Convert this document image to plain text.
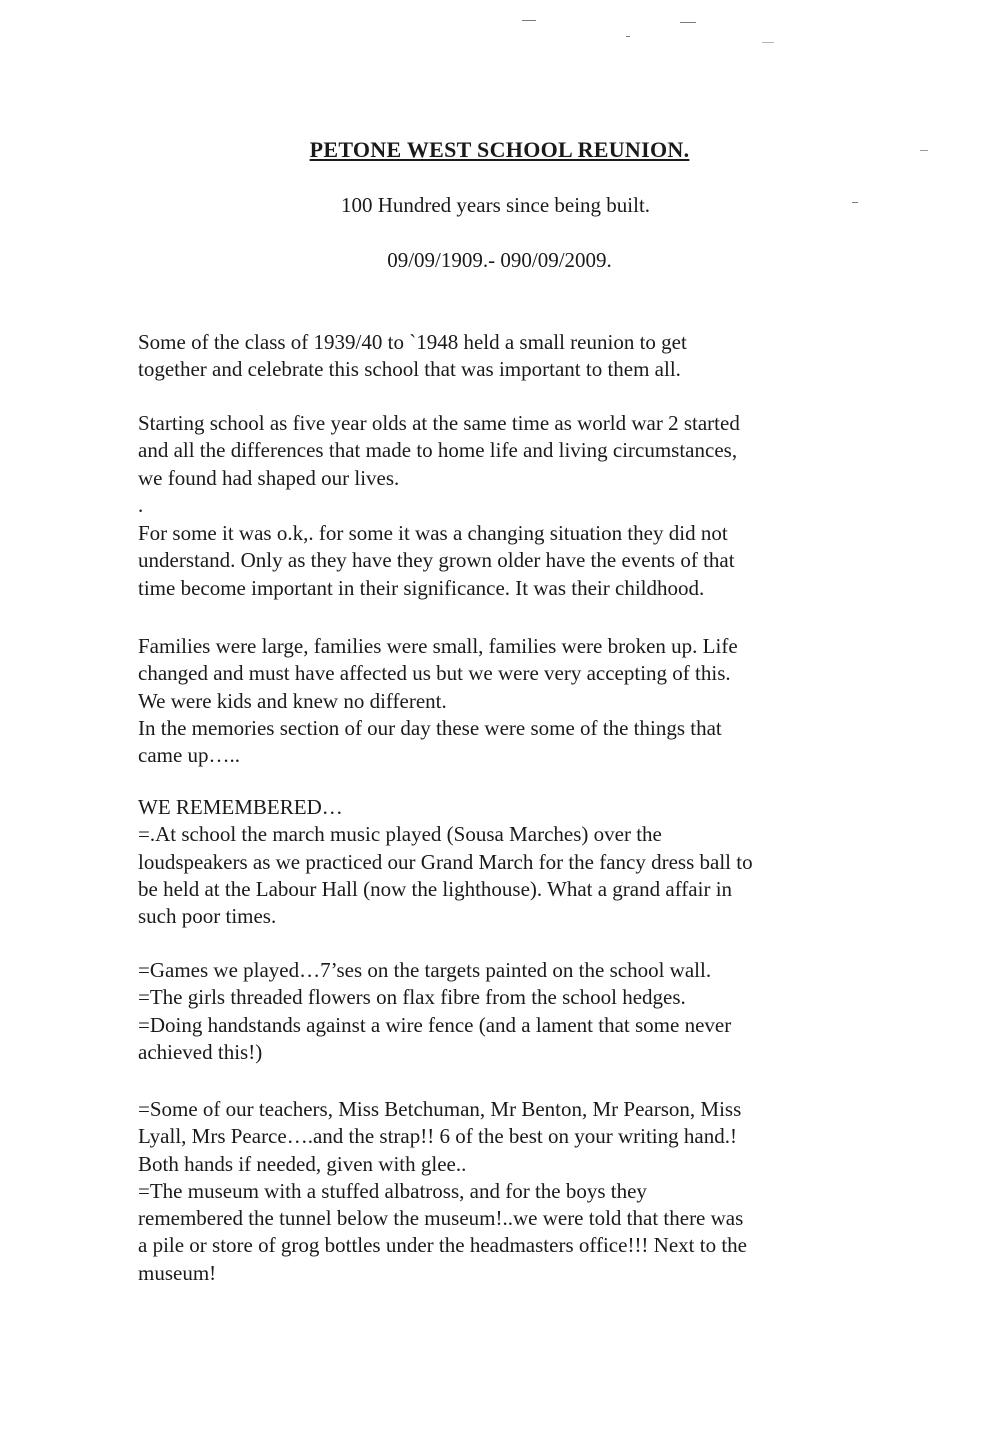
PETONE WEST SCHOOL REUNION.
100 Hundred years since being built.
09/09/1909.- 090/09/2009.
Some of the class of 1939/40 to `1948 held a small reunion to get
together and celebrate this school that was important to them all.
Starting school as five year olds at the same time as world war 2 started
and all the differences that made to home life and living circumstances,
we found had shaped our lives.
.
For some it was o.k,. for some it was a changing situation they did not
understand. Only as they have they grown older have the events of that
time become important in their significance. It was their childhood.
Families were large, families were small, families were broken up. Life
changed and must have affected us but we were very accepting of this.
We were kids and knew no different.
In the memories section of our day these were some of the things that
came up…..
WE REMEMBERED…
=.At school the march music played (Sousa Marches) over the
loudspeakers as we practiced our Grand March for the fancy dress ball to
be held at the Labour Hall (now the lighthouse). What a grand affair in
such poor times.
=Games we played…7’ses on the targets painted on the school wall.
=The girls threaded flowers on flax fibre from the school hedges.
=Doing handstands against a wire fence (and a lament that some never
achieved this!)
=Some of our teachers, Miss Betchuman, Mr Benton, Mr Pearson, Miss
Lyall, Mrs Pearce….and the strap!! 6 of the best on your writing hand.!
Both hands if needed, given with glee..
=The museum with a stuffed albatross, and for the boys they
remembered the tunnel below the museum!..we were told that there was
a pile or store of grog bottles under the headmasters office!!! Next to the
museum!
